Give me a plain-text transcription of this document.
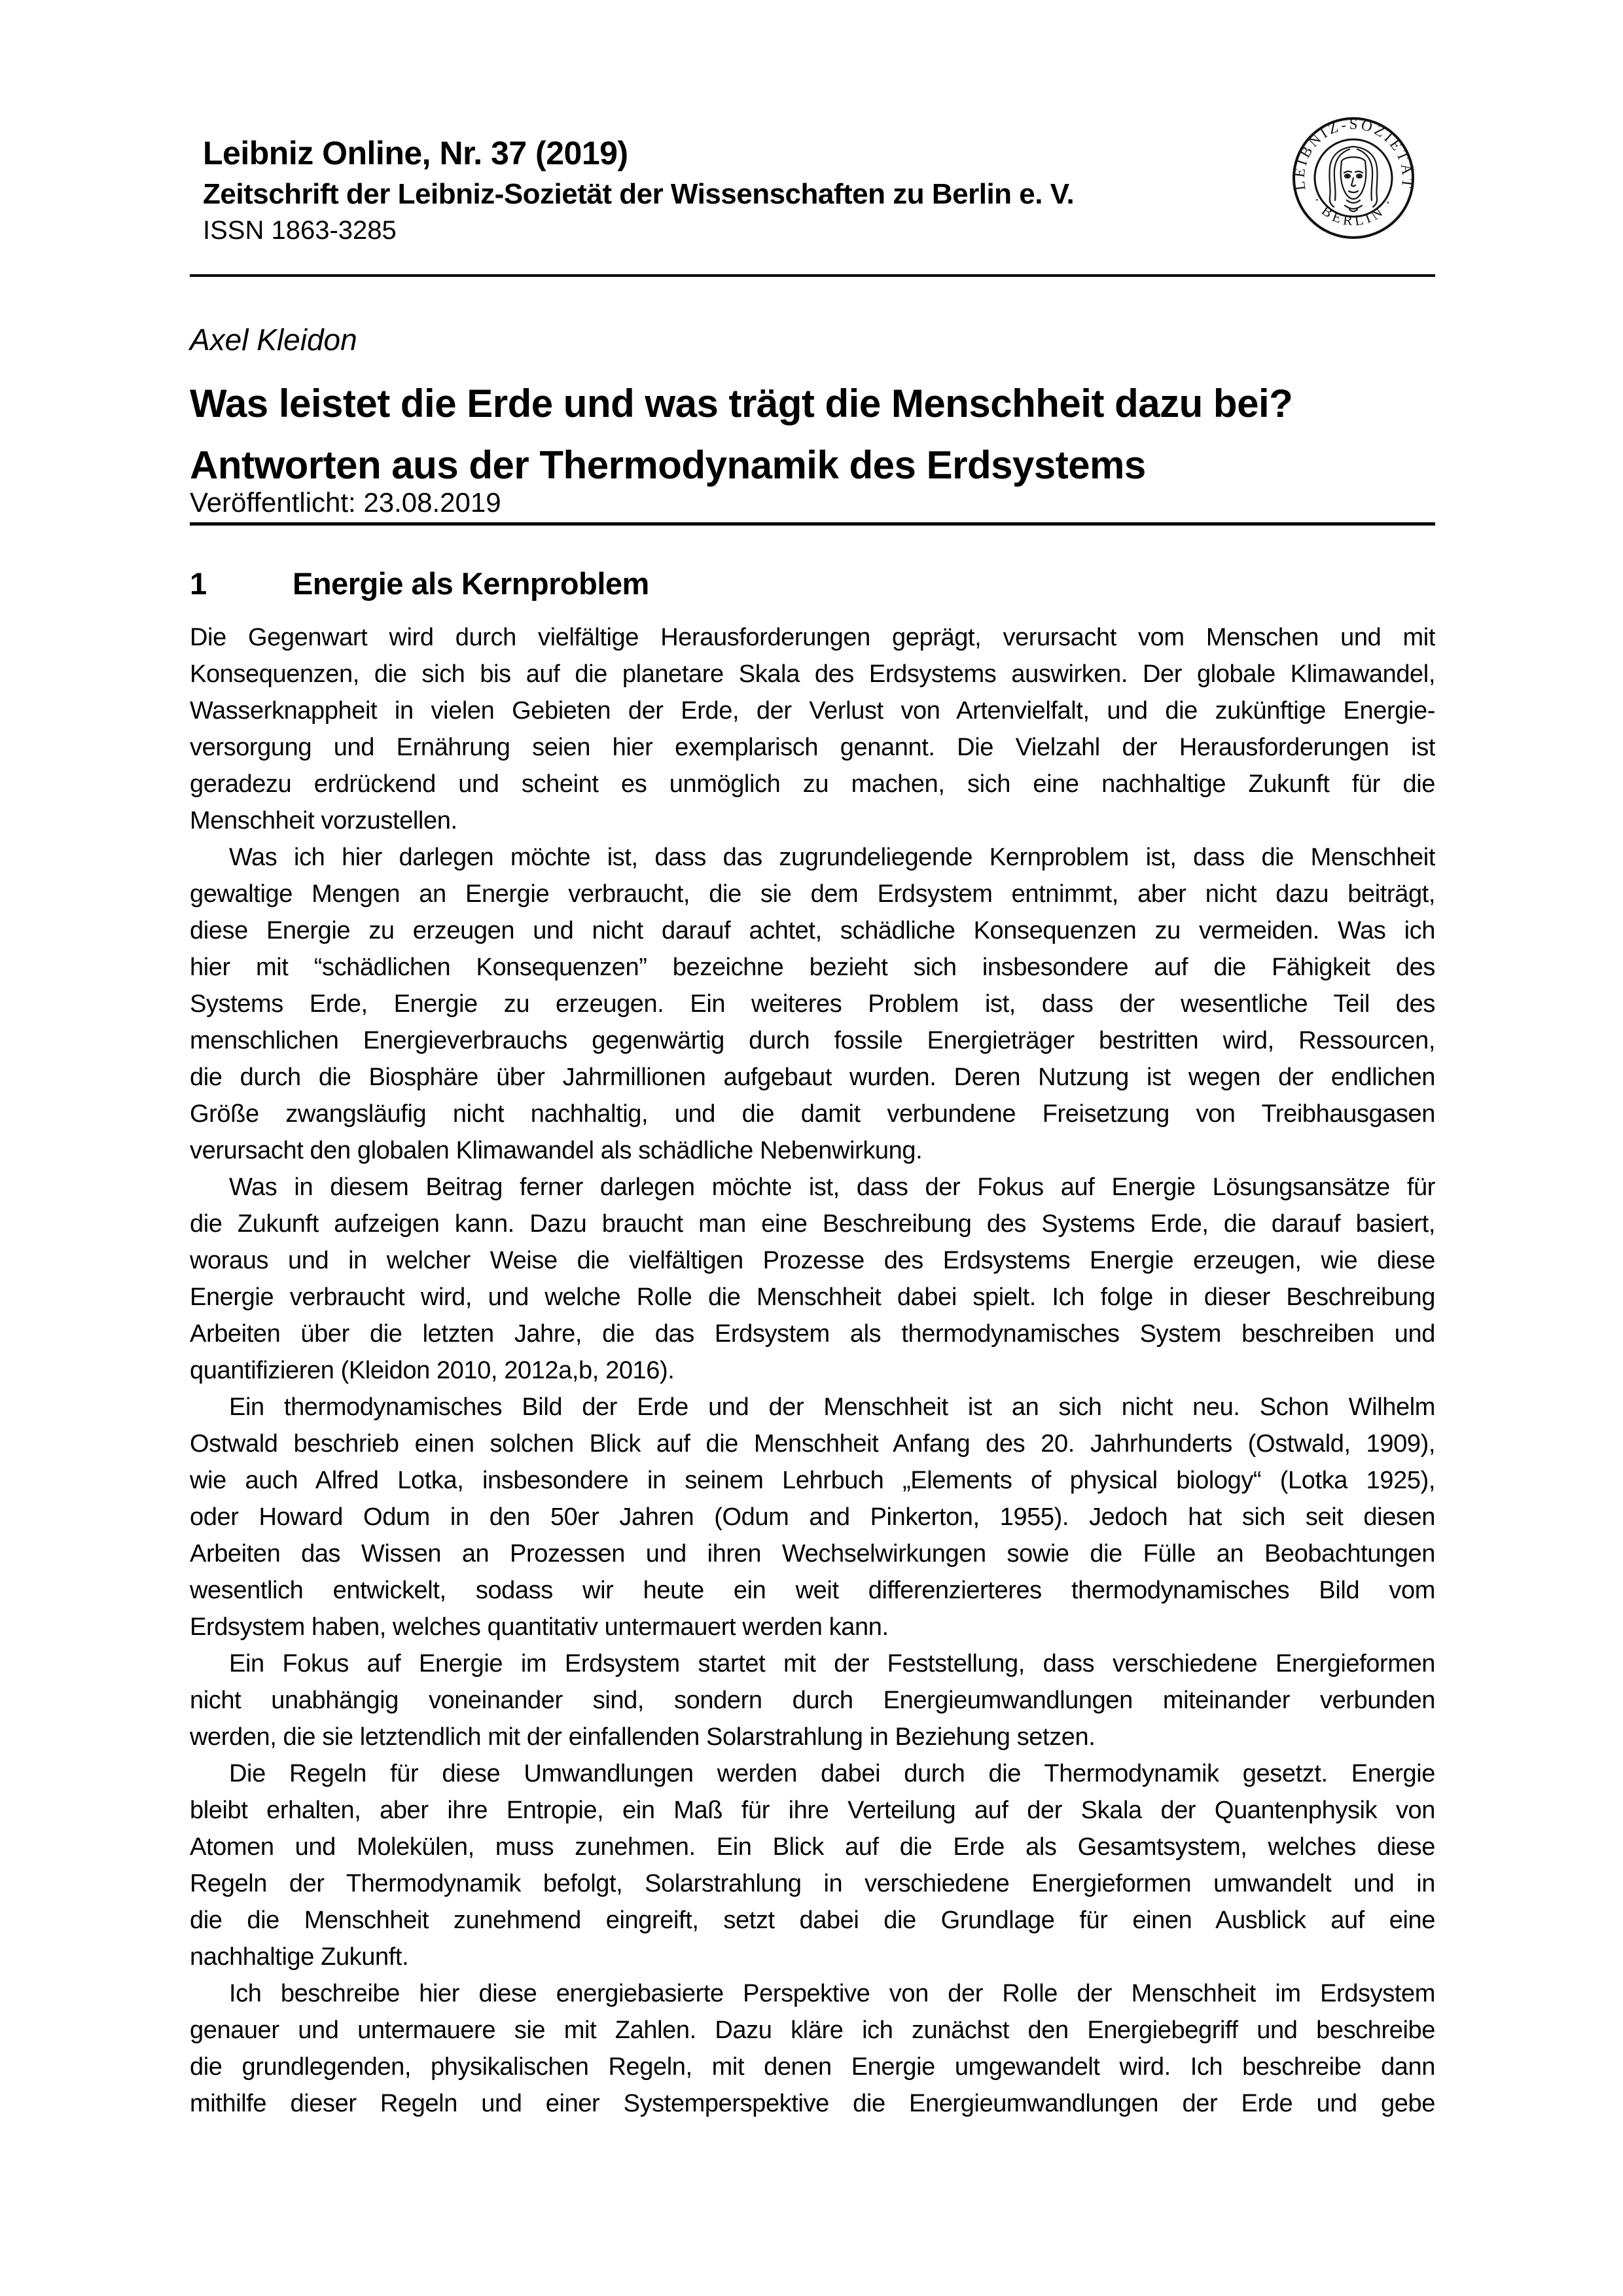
Leibniz Online, Nr. 37 (2019)
Zeitschrift der Leibniz-Sozietät der Wissenschaften zu Berlin e. V.
ISSN 1863-3285
LEIBNIZ-SOZIETÄT
· BERLIN ·
Axel Kleidon
Was leistet die Erde und was trägt die Menschheit dazu bei?
Antworten aus der Thermodynamik des Erdsystems
Veröffentlicht: 23.08.2019
1	Energie als Kernproblem
Die Gegenwart wird durch vielfältige Herausforderungen geprägt, verursacht vom Menschen und mit
Konsequenzen, die sich bis auf die planetare Skala des Erdsystems auswirken. Der globale Klimawandel,
Wasserknappheit in vielen Gebieten der Erde, der Verlust von Artenvielfalt, und die zukünftige Energie-
versorgung und Ernährung seien hier exemplarisch genannt. Die Vielzahl der Herausforderungen ist
geradezu erdrückend und scheint es unmöglich zu machen, sich eine nachhaltige Zukunft für die
Menschheit vorzustellen.
Was ich hier darlegen möchte ist, dass das zugrundeliegende Kernproblem ist, dass die Menschheit
gewaltige Mengen an Energie verbraucht, die sie dem Erdsystem entnimmt, aber nicht dazu beiträgt,
diese Energie zu erzeugen und nicht darauf achtet, schädliche Konsequenzen zu vermeiden. Was ich
hier mit “schädlichen Konsequenzen” bezeichne bezieht sich insbesondere auf die Fähigkeit des
Systems Erde, Energie zu erzeugen. Ein weiteres Problem ist, dass der wesentliche Teil des
menschlichen Energieverbrauchs gegenwärtig durch fossile Energieträger bestritten wird, Ressourcen,
die durch die Biosphäre über Jahrmillionen aufgebaut wurden. Deren Nutzung ist wegen der endlichen
Größe zwangsläufig nicht nachhaltig, und die damit verbundene Freisetzung von Treibhausgasen
verursacht den globalen Klimawandel als schädliche Nebenwirkung.
Was in diesem Beitrag ferner darlegen möchte ist, dass der Fokus auf Energie Lösungsansätze für
die Zukunft aufzeigen kann. Dazu braucht man eine Beschreibung des Systems Erde, die darauf basiert,
woraus und in welcher Weise die vielfältigen Prozesse des Erdsystems Energie erzeugen, wie diese
Energie verbraucht wird, und welche Rolle die Menschheit dabei spielt. Ich folge in dieser Beschreibung
Arbeiten über die letzten Jahre, die das Erdsystem als thermodynamisches System beschreiben und
quantifizieren (Kleidon 2010, 2012a,b, 2016).
Ein thermodynamisches Bild der Erde und der Menschheit ist an sich nicht neu. Schon Wilhelm
Ostwald beschrieb einen solchen Blick auf die Menschheit Anfang des 20. Jahrhunderts (Ostwald, 1909),
wie auch Alfred Lotka, insbesondere in seinem Lehrbuch „Elements of physical biology“ (Lotka 1925),
oder Howard Odum in den 50er Jahren (Odum and Pinkerton, 1955). Jedoch hat sich seit diesen
Arbeiten das Wissen an Prozessen und ihren Wechselwirkungen sowie die Fülle an Beobachtungen
wesentlich entwickelt, sodass wir heute ein weit differenzierteres thermodynamisches Bild vom
Erdsystem haben, welches quantitativ untermauert werden kann.
Ein Fokus auf Energie im Erdsystem startet mit der Feststellung, dass verschiedene Energieformen
nicht unabhängig voneinander sind, sondern durch Energieumwandlungen miteinander verbunden
werden, die sie letztendlich mit der einfallenden Solarstrahlung in Beziehung setzen.
Die Regeln für diese Umwandlungen werden dabei durch die Thermodynamik gesetzt. Energie
bleibt erhalten, aber ihre Entropie, ein Maß für ihre Verteilung auf der Skala der Quantenphysik von
Atomen und Molekülen, muss zunehmen. Ein Blick auf die Erde als Gesamtsystem, welches diese
Regeln der Thermodynamik befolgt, Solarstrahlung in verschiedene Energieformen umwandelt und in
die die Menschheit zunehmend eingreift, setzt dabei die Grundlage für einen Ausblick auf eine
nachhaltige Zukunft.
Ich beschreibe hier diese energiebasierte Perspektive von der Rolle der Menschheit im Erdsystem
genauer und untermauere sie mit Zahlen. Dazu kläre ich zunächst den Energiebegriff und beschreibe
die grundlegenden, physikalischen Regeln, mit denen Energie umgewandelt wird. Ich beschreibe dann
mithilfe dieser Regeln und einer Systemperspektive die Energieumwandlungen der Erde und gebe
